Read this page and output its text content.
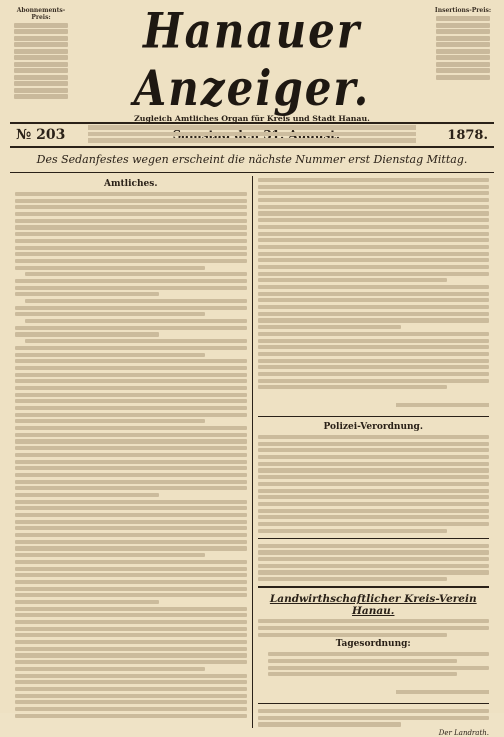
Abonnements-Preis:	Hanauer Anzeiger.
Zugleich Amtliches Organ für Kreis und Stadt Hanau.
Insertions-Preis:
№ 203	1878.
Des Sedanfestes wegen erscheint die nächste Nummer erst Dienstag Mittag.
Amtliches.
Polizei-Verordnung.
Landwirthschaftlicher Kreis-Verein Hanau.
Tagesordnung:
Der Landrath.
